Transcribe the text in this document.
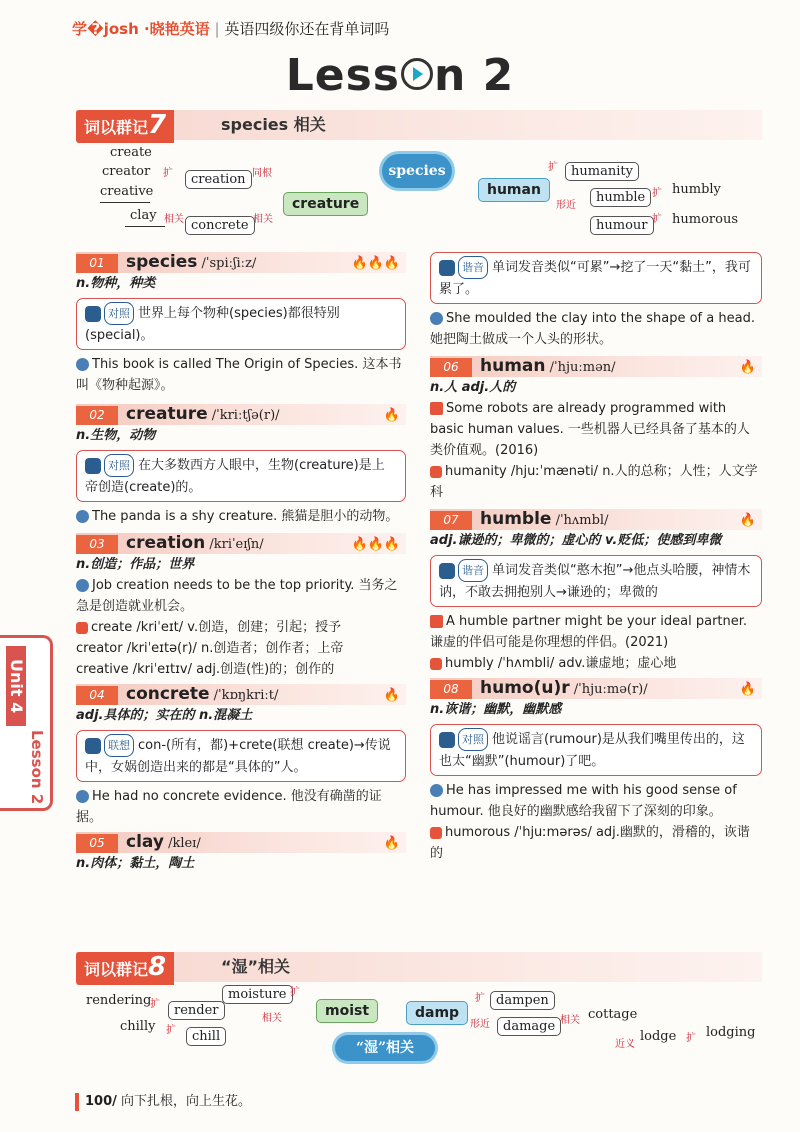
学�josh ·晓艳英语 | 英语四级你还在背单词吗
Less n 2
词以群记7	species 相关
create
creator
creative
扩	creation 同根
clay 相关 concrete 相关
creature
species
human
扩	humanity
形近
humble 扩 humbly
humour 扩 humorous
01 species /ˈspiːʃiːz/	🔥🔥🔥
n.物种，种类
对照 世界上每个物种(species)都很特别(special)。
This book is called The Origin of Species. 这本书叫《物种起源》。
02 creature /ˈkriːtʃə(r)/	🔥
n.生物，动物
对照 在大多数西方人眼中，生物(creature)是上帝创造(create)的。
The panda is a shy creature. 熊猫是胆小的动物。
03 creation /kriˈeɪʃn/	🔥🔥🔥
n.创造；作品；世界
Job creation needs to be the top priority. 当务之急是创造就业机会。
create /kriˈeɪt/ v.创造，创建；引起；授予
creator /kriˈeɪtə(r)/ n.创造者；创作者；上帝
creative /kriˈeɪtɪv/ adj.创造(性)的；创作的
04 concrete /ˈkɒŋkriːt/	🔥
adj.具体的；实在的 n.混凝土
联想 con-(所有，都)+crete(联想 create)→传说中，女娲创造出来的都是“具体的”人。
He had no concrete evidence. 他没有确凿的证据。
05 clay /kleɪ/	🔥
n.肉体；黏土，陶土
谐音 单词发音类似“可累”→挖了一天“黏土”，我可累了。
She moulded the clay into the shape of a head. 她把陶土做成一个人头的形状。
06 human /ˈhjuːmən/	🔥
n.人 adj.人的
Some robots are already programmed with basic human values. 一些机器人已经具备了基本的人类价值观。(2016)
humanity /hjuːˈmænəti/ n.人的总称；人性；人文学科
07 humble /ˈhʌmbl/	🔥
adj.谦逊的；卑微的；虚心的 v.贬低；使感到卑微
谐音 单词发音类似“憨木抱”→他点头哈腰，神情木讷，不敢去拥抱别人→谦逊的；卑微的
A humble partner might be your ideal partner. 谦虚的伴侣可能是你理想的伴侣。(2021)
humbly /ˈhʌmbli/ adv.谦虚地；虚心地
08 humo(u)r /ˈhjuːmə(r)/	🔥
n.诙谐；幽默，幽默感
对照 他说谣言(rumour)是从我们嘴里传出的，这也太“幽默”(humour)了吧。
He has impressed me with his good sense of humour. 他良好的幽默感给我留下了深刻的印象。
humorous /ˈhjuːmərəs/ adj.幽默的，滑稽的，诙谐的
Unit 4
Lesson 2
词以群记8	“湿”相关
rendering
扩	render
moisture 扩
chilly 扩	chill
相关	moist
“湿”相关
damp
扩 dampen
形近	damage 相关 cottage
近义
lodge 扩 lodging
100/ 向下扎根，向上生花。
